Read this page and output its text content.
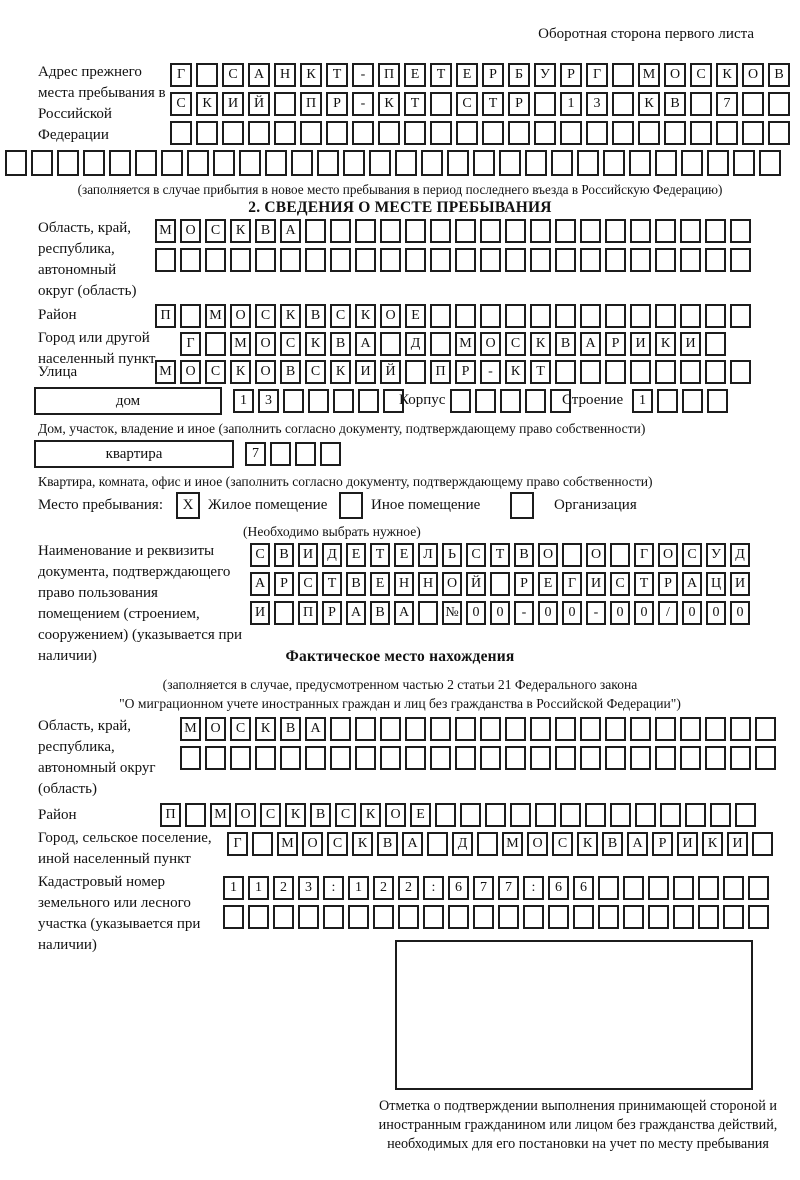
Оборотная сторона первого листа
Адрес прежнего места пребывания в Российской Федерации
Г	С	А	Н	К	Т	-	П	Е	Т	Е	Р	Б	У	Р	Г	М	О	С	К	О	В
С	К	И	Й	П	Р	-	К	Т	С	Т	Р	1	3	К	В	7
(заполняется в случае прибытия в новое место пребывания в период последнего въезда в Российскую Федерацию)
2. СВЕДЕНИЯ О МЕСТЕ ПРЕБЫВАНИЯ
Область, край, республика, автономный округ (область)
М О	С	К	В	А
Район	П	М О	С	К	В	С	К	О	Е
Город или другой населенный пункт
Г	М О	С	К	В	А	Д	М О	С	К	В	А	Р	И	К	И
Улица	М О	С	К	О	В	С	К	И	Й	П	Р	-	К	Т
дом	1	3	Корпус	Строение	1
Дом, участок, владение и иное (заполнить согласно документу, подтверждающему право собственности)
квартира	7
Квартира, комната, офис и иное (заполнить согласно документу, подтверждающему право собственности)
Место пребывания:	X Жилое помещение	Иное помещение	Организация
(Необходимо выбрать нужное)
Наименование и реквизиты документа, подтверждающего право пользования помещением (строением, сооружением) (указывается при наличии)
С	В	И	Д	Е	Т	Е	Л	Ь	С	Т	В	О	О	Г	О	С	У	Д
А	Р	С	Т	В	Е	Н Н О Й	Р	Е	Г	И	С	Т	Р	А Ц И
И	П	Р	А	В	А	№ 0	0	-	0	0	-	0	0	/	0	0	0
Фактическое место нахождения
(заполняется в случае, предусмотренном частью 2 статьи 21 Федерального закона
"О миграционном учете иностранных граждан и лиц без гражданства в Российской Федерации")
Область, край, республика, автономный округ (область)
М О	С	К	В	А
Район	П	М О	С	К	В	С	К	О	Е
Город, сельское поселение, иной населенный пункт
Г	М О	С	К	В	А	Д	М О	С	К	В	А	Р	И	К	И
Кадастровый номер земельного или лесного участка (указывается при наличии)
1	1	2	3	:	1	2	2	:	6	7	7	:	6	6
Отметка о подтверждении выполнения принимающей стороной и иностранным гражданином или лицом без гражданства действий, необходимых для его постановки на учет по месту пребывания
